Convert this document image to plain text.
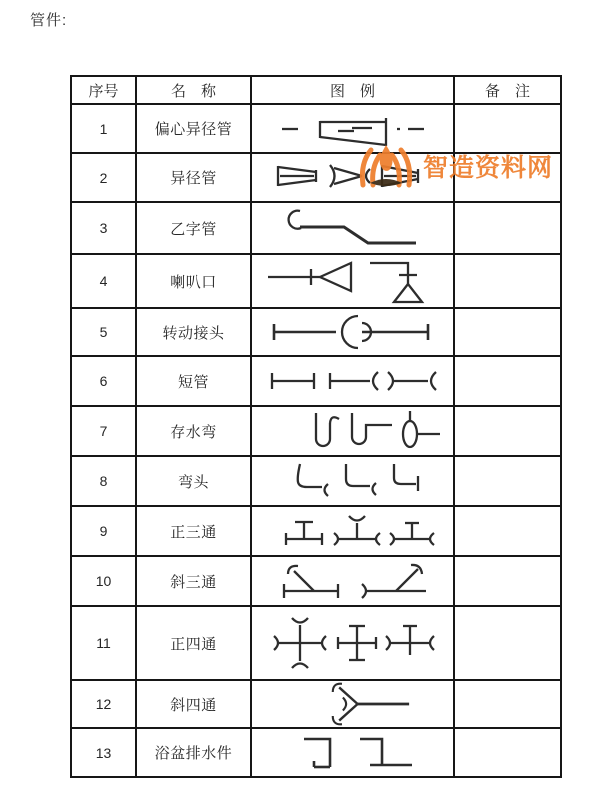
管件:
智造资料网
序号	名　称	图　例	备　注
1	偏心异径管	

2	异径管	

3	乙字管	

4	喇叭口	

5	转动接头	

6	短管	

7	存水弯	

8	弯头	

9	正三通	

10	斜三通	

11	正四通	

12	斜四通	

13	浴盆排水件	
